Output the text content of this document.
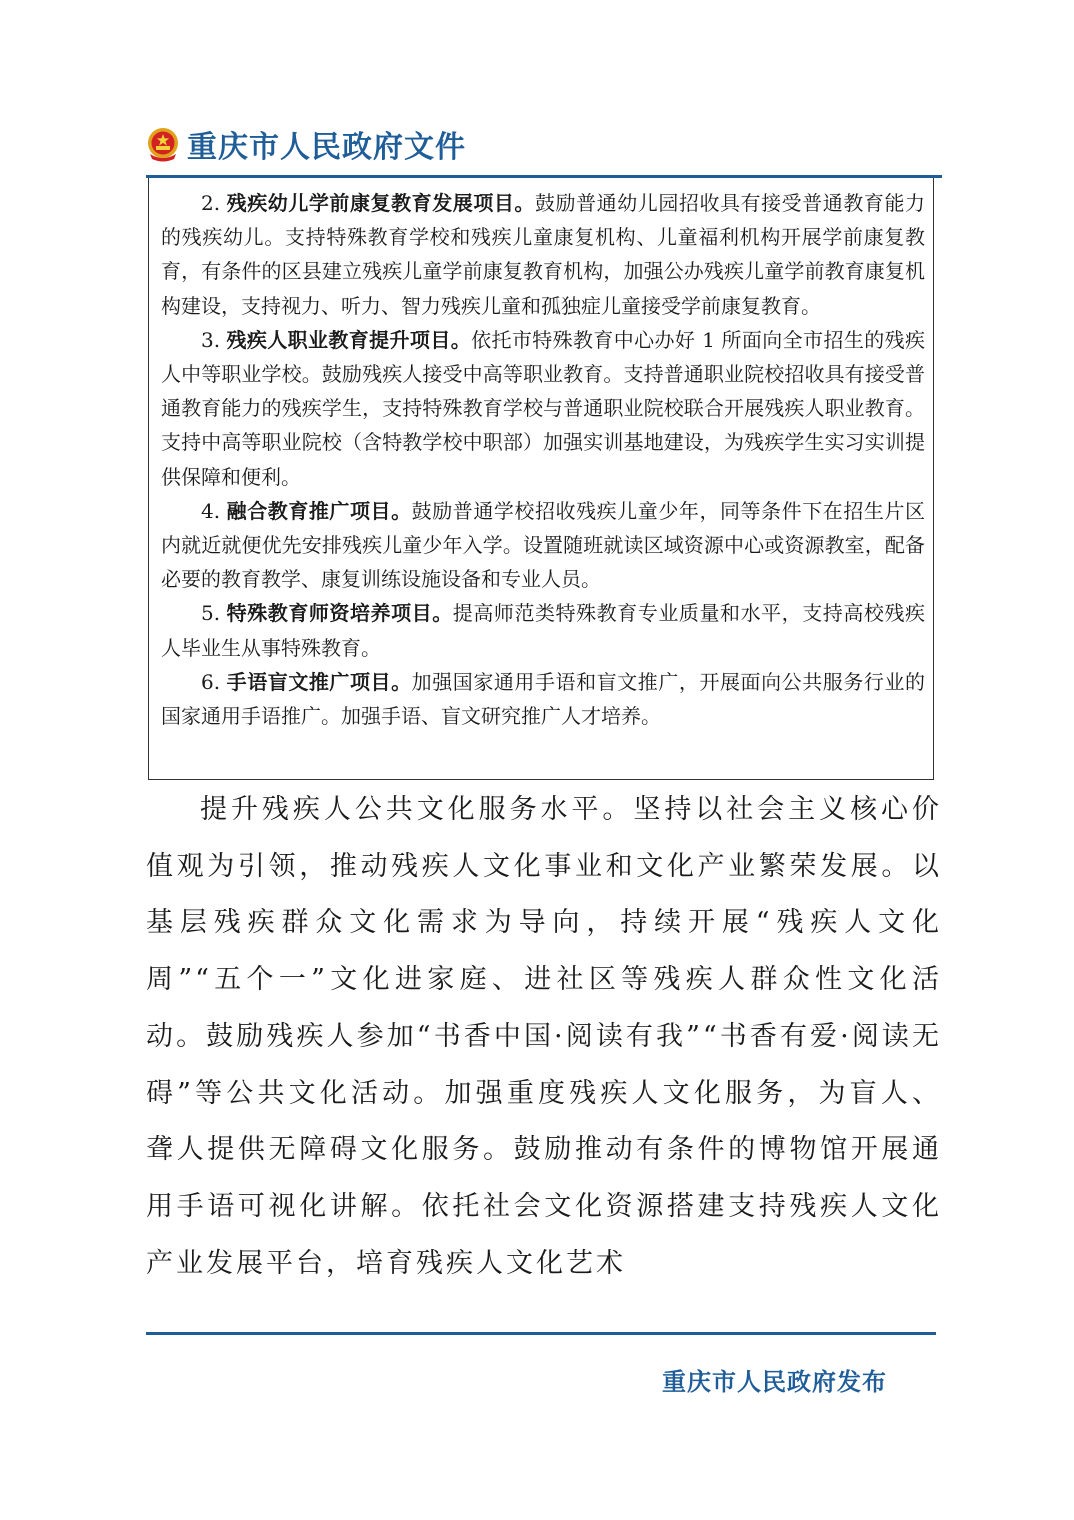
重庆市人民政府文件

2. 残疾幼儿学前康复教育发展项目。鼓励普通幼儿园招收具有接受普通教育能力的残疾幼儿。支持特殊教育学校和残疾儿童康复机构、儿童福利机构开展学前康复教育，有条件的区县建立残疾儿童学前康复教育机构，加强公办残疾儿童学前教育康复机构建设，支持视力、听力、智力残疾儿童和孤独症儿童接受学前康复教育。

3. 残疾人职业教育提升项目。依托市特殊教育中心办好 1 所面向全市招生的残疾人中等职业学校。鼓励残疾人接受中高等职业教育。支持普通职业院校招收具有接受普通教育能力的残疾学生，支持特殊教育学校与普通职业院校联合开展残疾人职业教育。支持中高等职业院校（含特教学校中职部）加强实训基地建设，为残疾学生实习实训提供保障和便利。

4. 融合教育推广项目。鼓励普通学校招收残疾儿童少年，同等条件下在招生片区内就近就便优先安排残疾儿童少年入学。设置随班就读区域资源中心或资源教室，配备必要的教育教学、康复训练设施设备和专业人员。

5. 特殊教育师资培养项目。提高师范类特殊教育专业质量和水平，支持高校残疾人毕业生从事特殊教育。

6. 手语盲文推广项目。加强国家通用手语和盲文推广，开展面向公共服务行业的国家通用手语推广。加强手语、盲文研究推广人才培养。

提升残疾人公共文化服务水平。坚持以社会主义核心价值观为引领，推动残疾人文化事业和文化产业繁荣发展。以基层残疾群众文化需求为导向，持续开展“残疾人文化周”“五个一”文化进家庭、进社区等残疾人群众性文化活动。鼓励残疾人参加“书香中国·阅读有我”“书香有爱·阅读无碍”等公共文化活动。加强重度残疾人文化服务，为盲人、聋人提供无障碍文化服务。鼓励推动有条件的博物馆开展通用手语可视化讲解。依托社会文化资源搭建支持残疾人文化产业发展平台，培育残疾人文化艺术

重庆市人民政府发布
